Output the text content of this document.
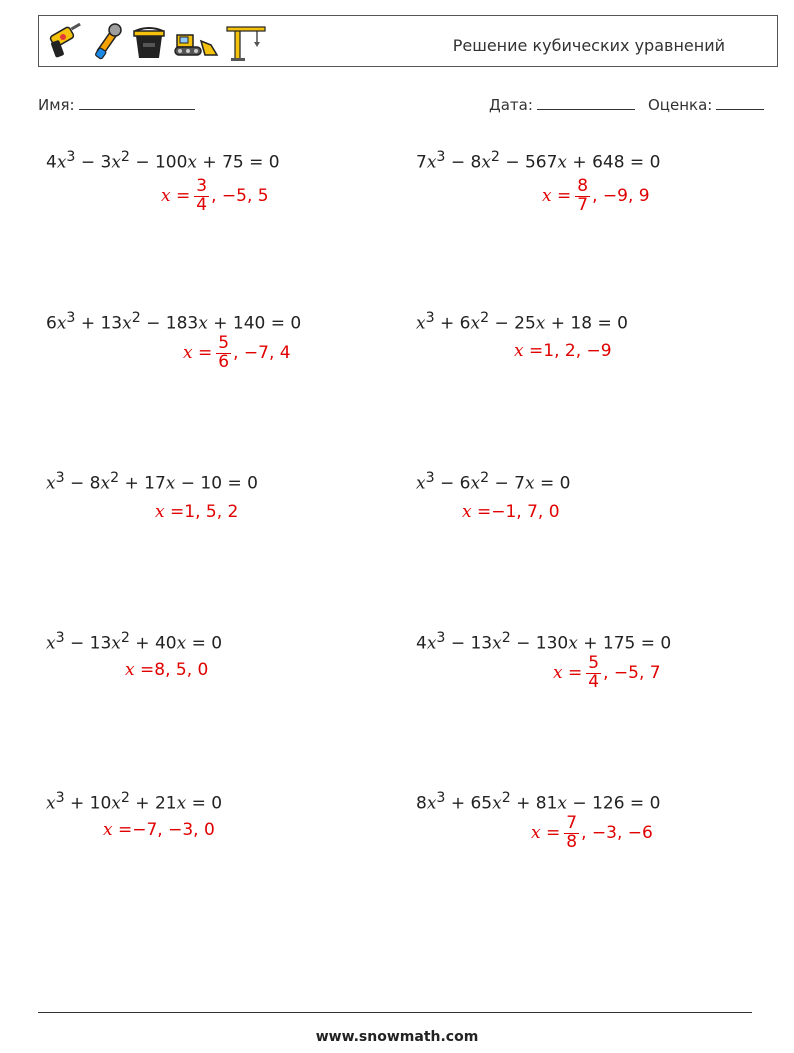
Решение кубических уравнений
Имя:	Дата:	Оценка:
$4x^3 - 3x^2 - 100x + 75 = 0$
$x = \frac{3}{4}$ , −5, 5
$7x^3 - 8x^2 - 567x + 648 = 0$
$x = \frac{8}{7}$ , −9, 9
$6x^3 + 13x^2 - 183x + 140 = 0$
$x = \frac{5}{6}$ , −7, 4
$x^3 + 6x^2 - 25x + 18 = 0$
x = 1, 2, −9
$x^3 - 8x^2 + 17x - 10 = 0$
x = 1, 5, 2
$x^3 - 6x^2 - 7x = 0$
x = −1, 7, 0
$x^3 - 13x^2 + 40x = 0$
x = 8, 5, 0
$4x^3 - 13x^2 - 130x + 175 = 0$
$x = \frac{5}{4}$ , −5, 7
$x^3 + 10x^2 + 21x = 0$
x = −7, −3, 0
$8x^3 + 65x^2 + 81x - 126 = 0$
$x = \frac{7}{8}$ , −3, −6
www.snowmath.com
